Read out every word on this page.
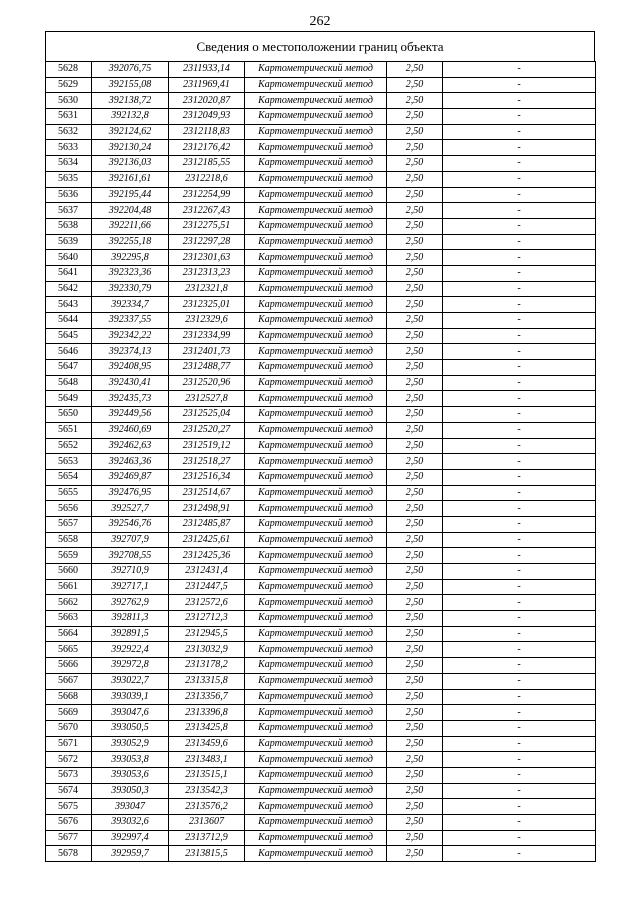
262
Сведения о местоположении границ объекта
5628	392076,75	2311933,14	Картометрический метод	2,50	-
5629	392155,08	2311969,41	Картометрический метод	2,50	-
5630	392138,72	2312020,87	Картометрический метод	2,50	-
5631	392132,8	2312049,93	Картометрический метод	2,50	-
5632	392124,62	2312118,83	Картометрический метод	2,50	-
5633	392130,24	2312176,42	Картометрический метод	2,50	-
5634	392136,03	2312185,55	Картометрический метод	2,50	-
5635	392161,61	2312218,6	Картометрический метод	2,50	-
5636	392195,44	2312254,99	Картометрический метод	2,50	-
5637	392204,48	2312267,43	Картометрический метод	2,50	-
5638	392211,66	2312275,51	Картометрический метод	2,50	-
5639	392255,18	2312297,28	Картометрический метод	2,50	-
5640	392295,8	2312301,63	Картометрический метод	2,50	-
5641	392323,36	2312313,23	Картометрический метод	2,50	-
5642	392330,79	2312321,8	Картометрический метод	2,50	-
5643	392334,7	2312325,01	Картометрический метод	2,50	-
5644	392337,55	2312329,6	Картометрический метод	2,50	-
5645	392342,22	2312334,99	Картометрический метод	2,50	-
5646	392374,13	2312401,73	Картометрический метод	2,50	-
5647	392408,95	2312488,77	Картометрический метод	2,50	-
5648	392430,41	2312520,96	Картометрический метод	2,50	-
5649	392435,73	2312527,8	Картометрический метод	2,50	-
5650	392449,56	2312525,04	Картометрический метод	2,50	-
5651	392460,69	2312520,27	Картометрический метод	2,50	-
5652	392462,63	2312519,12	Картометрический метод	2,50	-
5653	392463,36	2312518,27	Картометрический метод	2,50	-
5654	392469,87	2312516,34	Картометрический метод	2,50	-
5655	392476,95	2312514,67	Картометрический метод	2,50	-
5656	392527,7	2312498,91	Картометрический метод	2,50	-
5657	392546,76	2312485,87	Картометрический метод	2,50	-
5658	392707,9	2312425,61	Картометрический метод	2,50	-
5659	392708,55	2312425,36	Картометрический метод	2,50	-
5660	392710,9	2312431,4	Картометрический метод	2,50	-
5661	392717,1	2312447,5	Картометрический метод	2,50	-
5662	392762,9	2312572,6	Картометрический метод	2,50	-
5663	392811,3	2312712,3	Картометрический метод	2,50	-
5664	392891,5	2312945,5	Картометрический метод	2,50	-
5665	392922,4	2313032,9	Картометрический метод	2,50	-
5666	392972,8	2313178,2	Картометрический метод	2,50	-
5667	393022,7	2313315,8	Картометрический метод	2,50	-
5668	393039,1	2313356,7	Картометрический метод	2,50	-
5669	393047,6	2313396,8	Картометрический метод	2,50	-
5670	393050,5	2313425,8	Картометрический метод	2,50	-
5671	393052,9	2313459,6	Картометрический метод	2,50	-
5672	393053,8	2313483,1	Картометрический метод	2,50	-
5673	393053,6	2313515,1	Картометрический метод	2,50	-
5674	393050,3	2313542,3	Картометрический метод	2,50	-
5675	393047	2313576,2	Картометрический метод	2,50	-
5676	393032,6	2313607	Картометрический метод	2,50	-
5677	392997,4	2313712,9	Картометрический метод	2,50	-
5678	392959,7	2313815,5	Картометрический метод	2,50	-
